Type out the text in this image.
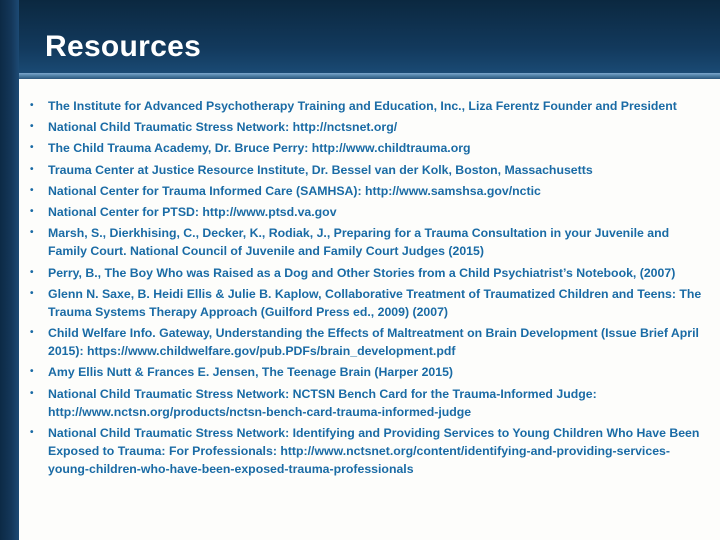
Resources
•	The Institute for Advanced Psychotherapy Training and Education, Inc., Liza Ferentz Founder and President
•	National Child Traumatic Stress Network: http://nctsnet.org/
•	The Child Trauma Academy, Dr. Bruce Perry: http://www.childtrauma.org
•	Trauma Center at Justice Resource Institute, Dr. Bessel van der Kolk, Boston, Massachusetts
•	National Center for Trauma Informed Care (SAMHSA): http://www.samshsa.gov/nctic
•	National Center for PTSD: http://www.ptsd.va.gov
•	Marsh, S., Dierkhising, C., Decker, K., Rodiak, J., Preparing for a Trauma Consultation in your Juvenile and Family Court. National Council of Juvenile and Family Court Judges (2015)
•	Perry, B., The Boy Who was Raised as a Dog and Other Stories from a Child Psychiatrist’s Notebook, (2007)
•	Glenn N. Saxe, B. Heidi Ellis & Julie B. Kaplow, Collaborative Treatment of Traumatized Children and Teens: The Trauma Systems Therapy Approach (Guilford Press ed., 2009) (2007)
•	Child Welfare Info. Gateway, Understanding the Effects of Maltreatment on Brain Development (Issue Brief April 2015): https://www.childwelfare.gov/pub.PDFs/brain_development.pdf
•	Amy Ellis Nutt & Frances E. Jensen, The Teenage Brain (Harper 2015)
•	National Child Traumatic Stress Network: NCTSN Bench Card for the Trauma-Informed Judge: http://www.nctsn.org/products/nctsn-bench-card-trauma-informed-judge
•	National Child Traumatic Stress Network: Identifying and Providing Services to Young Children Who Have Been Exposed to Trauma: For Professionals: http://www.nctsnet.org/content/identifying-and-providing-services-young-children-who-have-been-exposed-trauma-professionals
